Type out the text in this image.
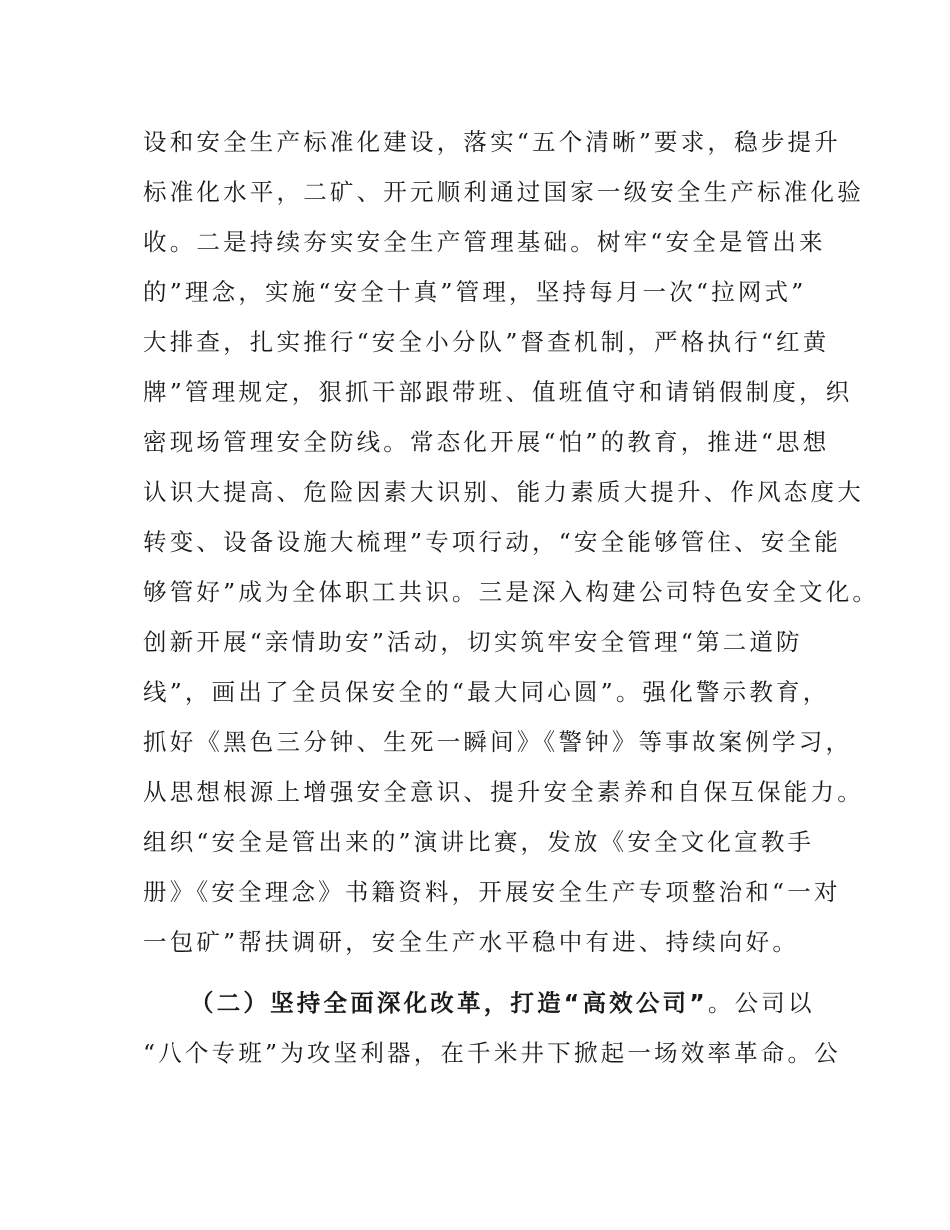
设和安全生产标准化建设，落实“五个清晰”要求，稳步提升
标准化水平，二矿、开元顺利通过国家一级安全生产标准化验
收。二是持续夯实安全生产管理基础。树牢“安全是管出来
的”理念，实施“安全十真”管理，坚持每月一次“拉网式”
大排查，扎实推行“安全小分队”督查机制，严格执行“红黄
牌”管理规定，狠抓干部跟带班、值班值守和请销假制度，织
密现场管理安全防线。常态化开展“怕”的教育，推进“思想
认识大提高、危险因素大识别、能力素质大提升、作风态度大
转变、设备设施大梳理”专项行动，“安全能够管住、安全能
够管好”成为全体职工共识。三是深入构建公司特色安全文化。
创新开展“亲情助安”活动，切实筑牢安全管理“第二道防
线”，画出了全员保安全的“最大同心圆”。强化警示教育，
抓好《黑色三分钟、生死一瞬间》《警钟》等事故案例学习，
从思想根源上增强安全意识、提升安全素养和自保互保能力。
组织“安全是管出来的”演讲比赛，发放《安全文化宣教手
册》《安全理念》书籍资料，开展安全生产专项整治和“一对
一包矿”帮扶调研，安全生产水平稳中有进、持续向好。
（二）坚持全面深化改革，打造“高效公司”。公司以
“八个专班”为攻坚利器，在千米井下掀起一场效率革命。公
